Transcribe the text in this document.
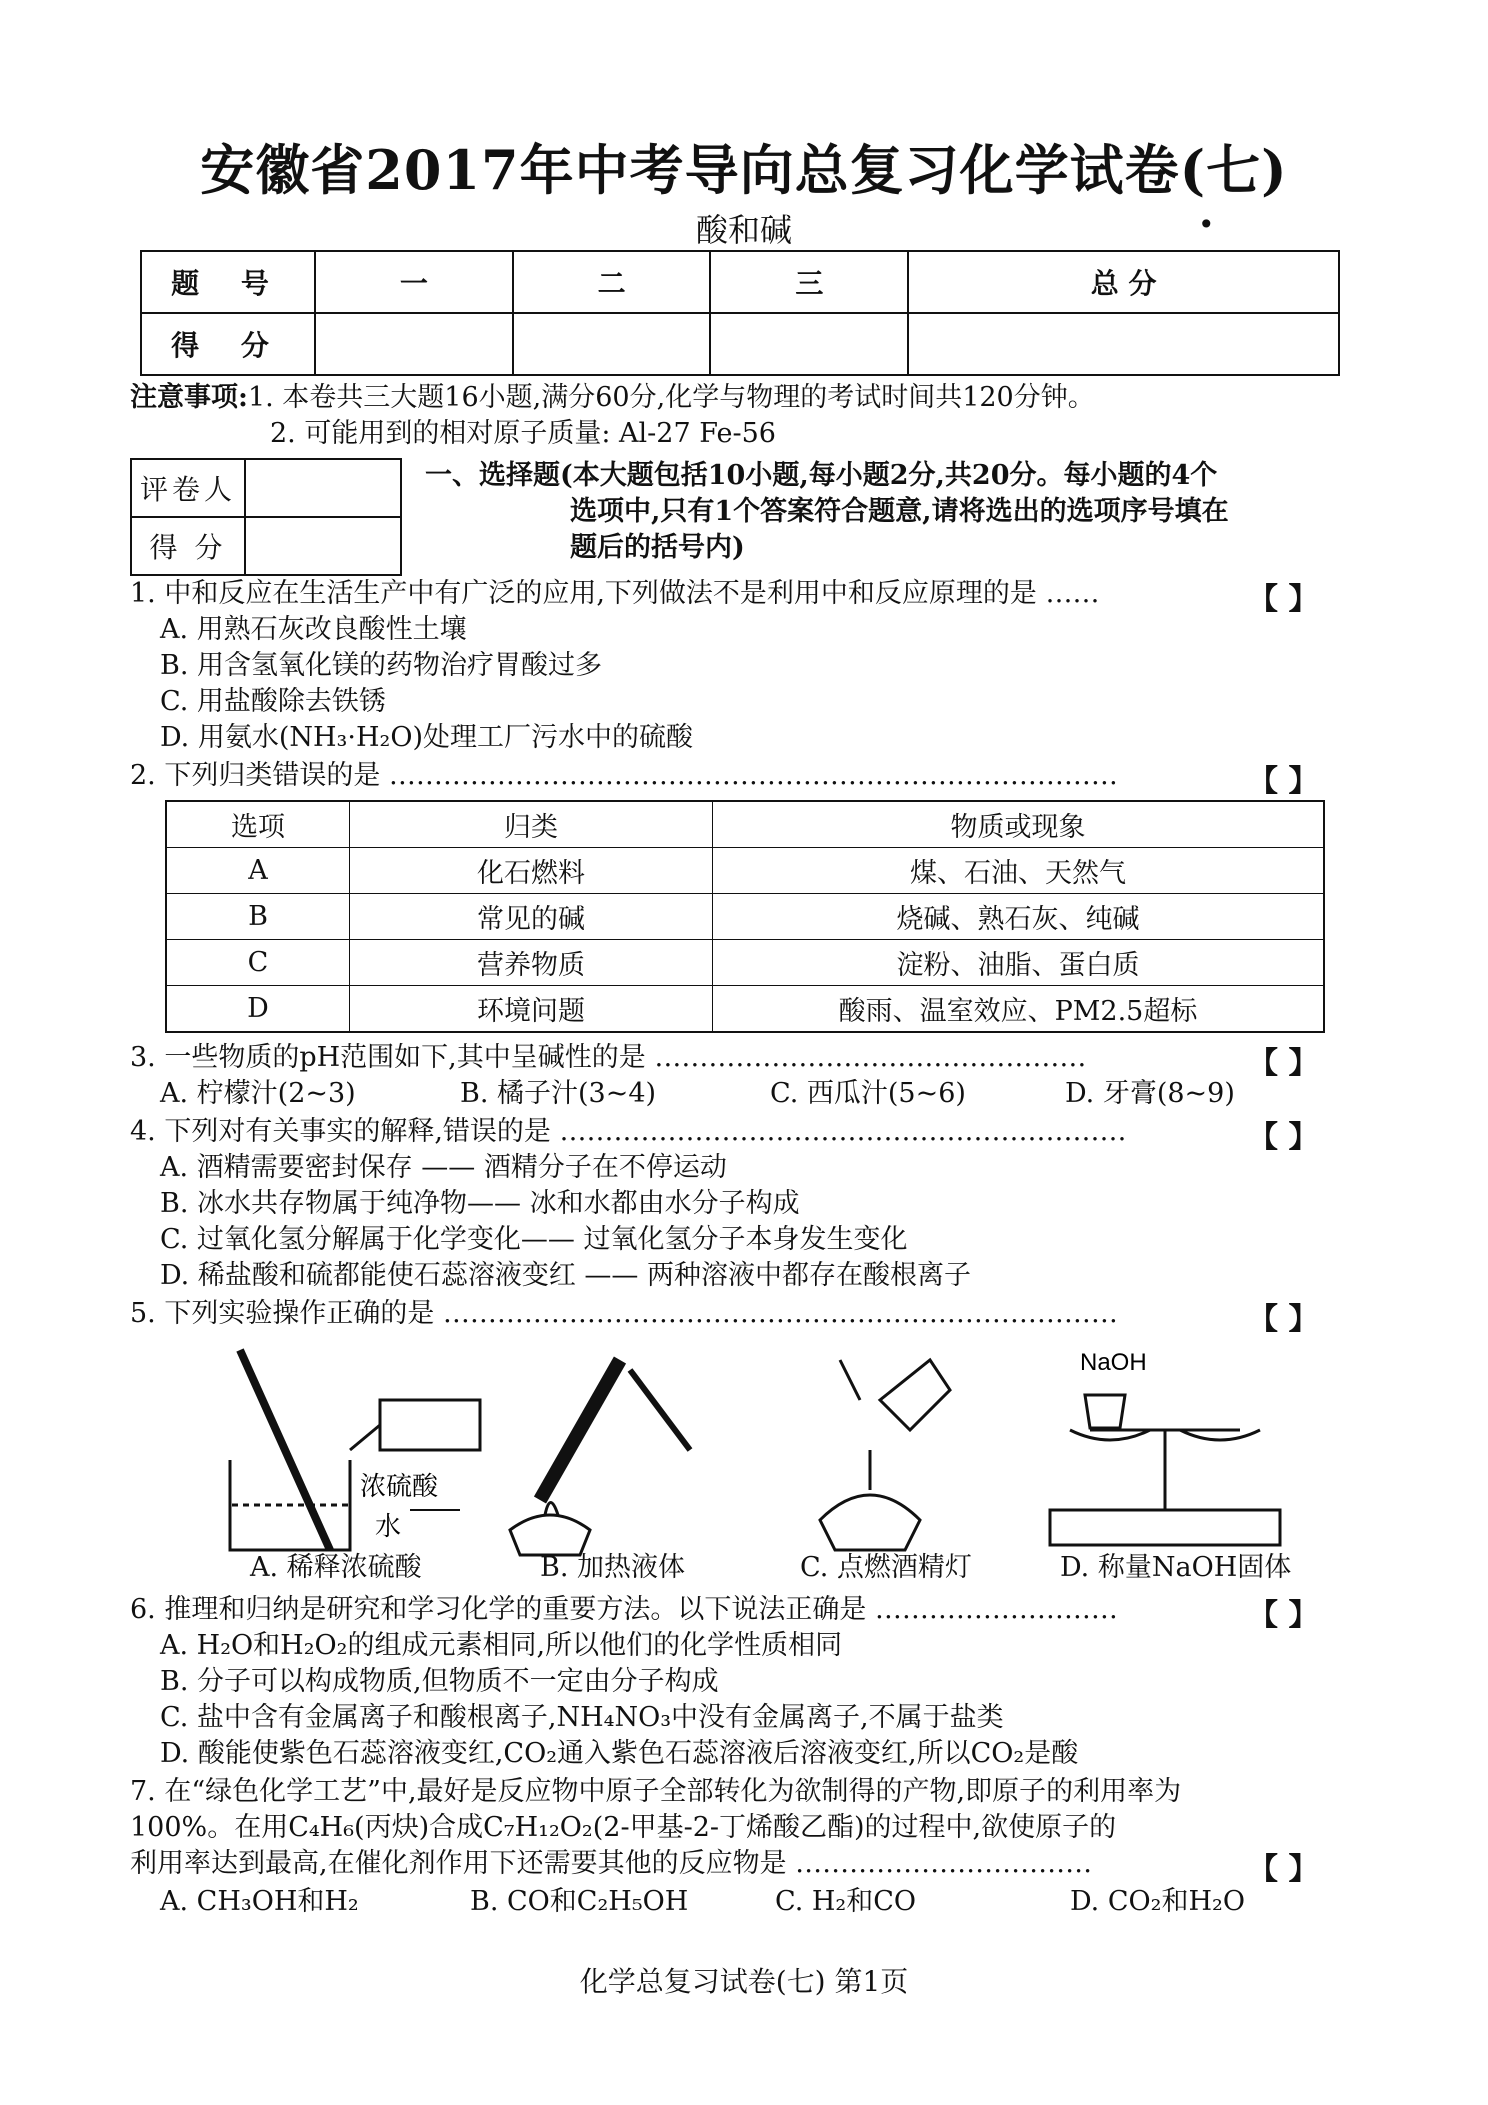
安徽省2017年中考导向总复习化学试卷(七)
酸和碱	•
题 号	一	二	三	总 分
得 分				
注意事项:1. 本卷共三大题16小题,满分60分,化学与物理的考试时间共120分钟。
2. 可能用到的相对原子质量: Al-27 Fe-56
评卷人	
得 分	
一、选择题(本大题包括10小题,每小题2分,共20分。每小题的4个
选项中,只有1个答案符合题意,请将选出的选项序号填在
题后的括号内)
1. 中和反应在生活生产中有广泛的应用,下列做法不是利用中和反应原理的是 ……	【 】
A. 用熟石灰改良酸性土壤
B. 用含氢氧化镁的药物治疗胃酸过多
C. 用盐酸除去铁锈
D. 用氨水(NH₃·H₂O)处理工厂污水中的硫酸
2. 下列归类错误的是 ………………………………………………………………………	【 】
选项	归类	物质或现象
A	化石燃料	煤、石油、天然气
B	常见的碱	烧碱、熟石灰、纯碱
C	营养物质	淀粉、油脂、蛋白质
D	环境问题	酸雨、温室效应、PM2.5超标
3. 一些物质的pH范围如下,其中呈碱性的是 …………………………………………	【 】
A. 柠檬汁(2~3)	B. 橘子汁(3~4)	C. 西瓜汁(5~6)	D. 牙膏(8~9)
4. 下列对有关事实的解释,错误的是 ………………………………………………………	【 】
A. 酒精需要密封保存 —— 酒精分子在不停运动
B. 冰水共存物属于纯净物—— 冰和水都由水分子构成
C. 过氧化氢分解属于化学变化—— 过氧化氢分子本身发生变化
D. 稀盐酸和硫都能使石蕊溶液变红 —— 两种溶液中都存在酸根离子
5. 下列实验操作正确的是 …………………………………………………………………	【 】
NaOH
浓硫酸
水
A. 稀释浓硫酸	B. 加热液体	C. 点燃酒精灯	D. 称量NaOH固体
6. 推理和归纳是研究和学习化学的重要方法。以下说法正确是 ………………………	【 】
A. H₂O和H₂O₂的组成元素相同,所以他们的化学性质相同
B. 分子可以构成物质,但物质不一定由分子构成
C. 盐中含有金属离子和酸根离子,NH₄NO₃中没有金属离子,不属于盐类
D. 酸能使紫色石蕊溶液变红,CO₂通入紫色石蕊溶液后溶液变红,所以CO₂是酸
7. 在“绿色化学工艺”中,最好是反应物中原子全部转化为欲制得的产物,即原子的利用率为
100%。在用C₄H₆(丙炔)合成C₇H₁₂O₂(2-甲基-2-丁烯酸乙酯)的过程中,欲使原子的
利用率达到最高,在催化剂作用下还需要其他的反应物是 ……………………………	【 】
A. CH₃OH和H₂	B. CO和C₂H₅OH	C. H₂和CO	D. CO₂和H₂O
化学总复习试卷(七) 第1页
